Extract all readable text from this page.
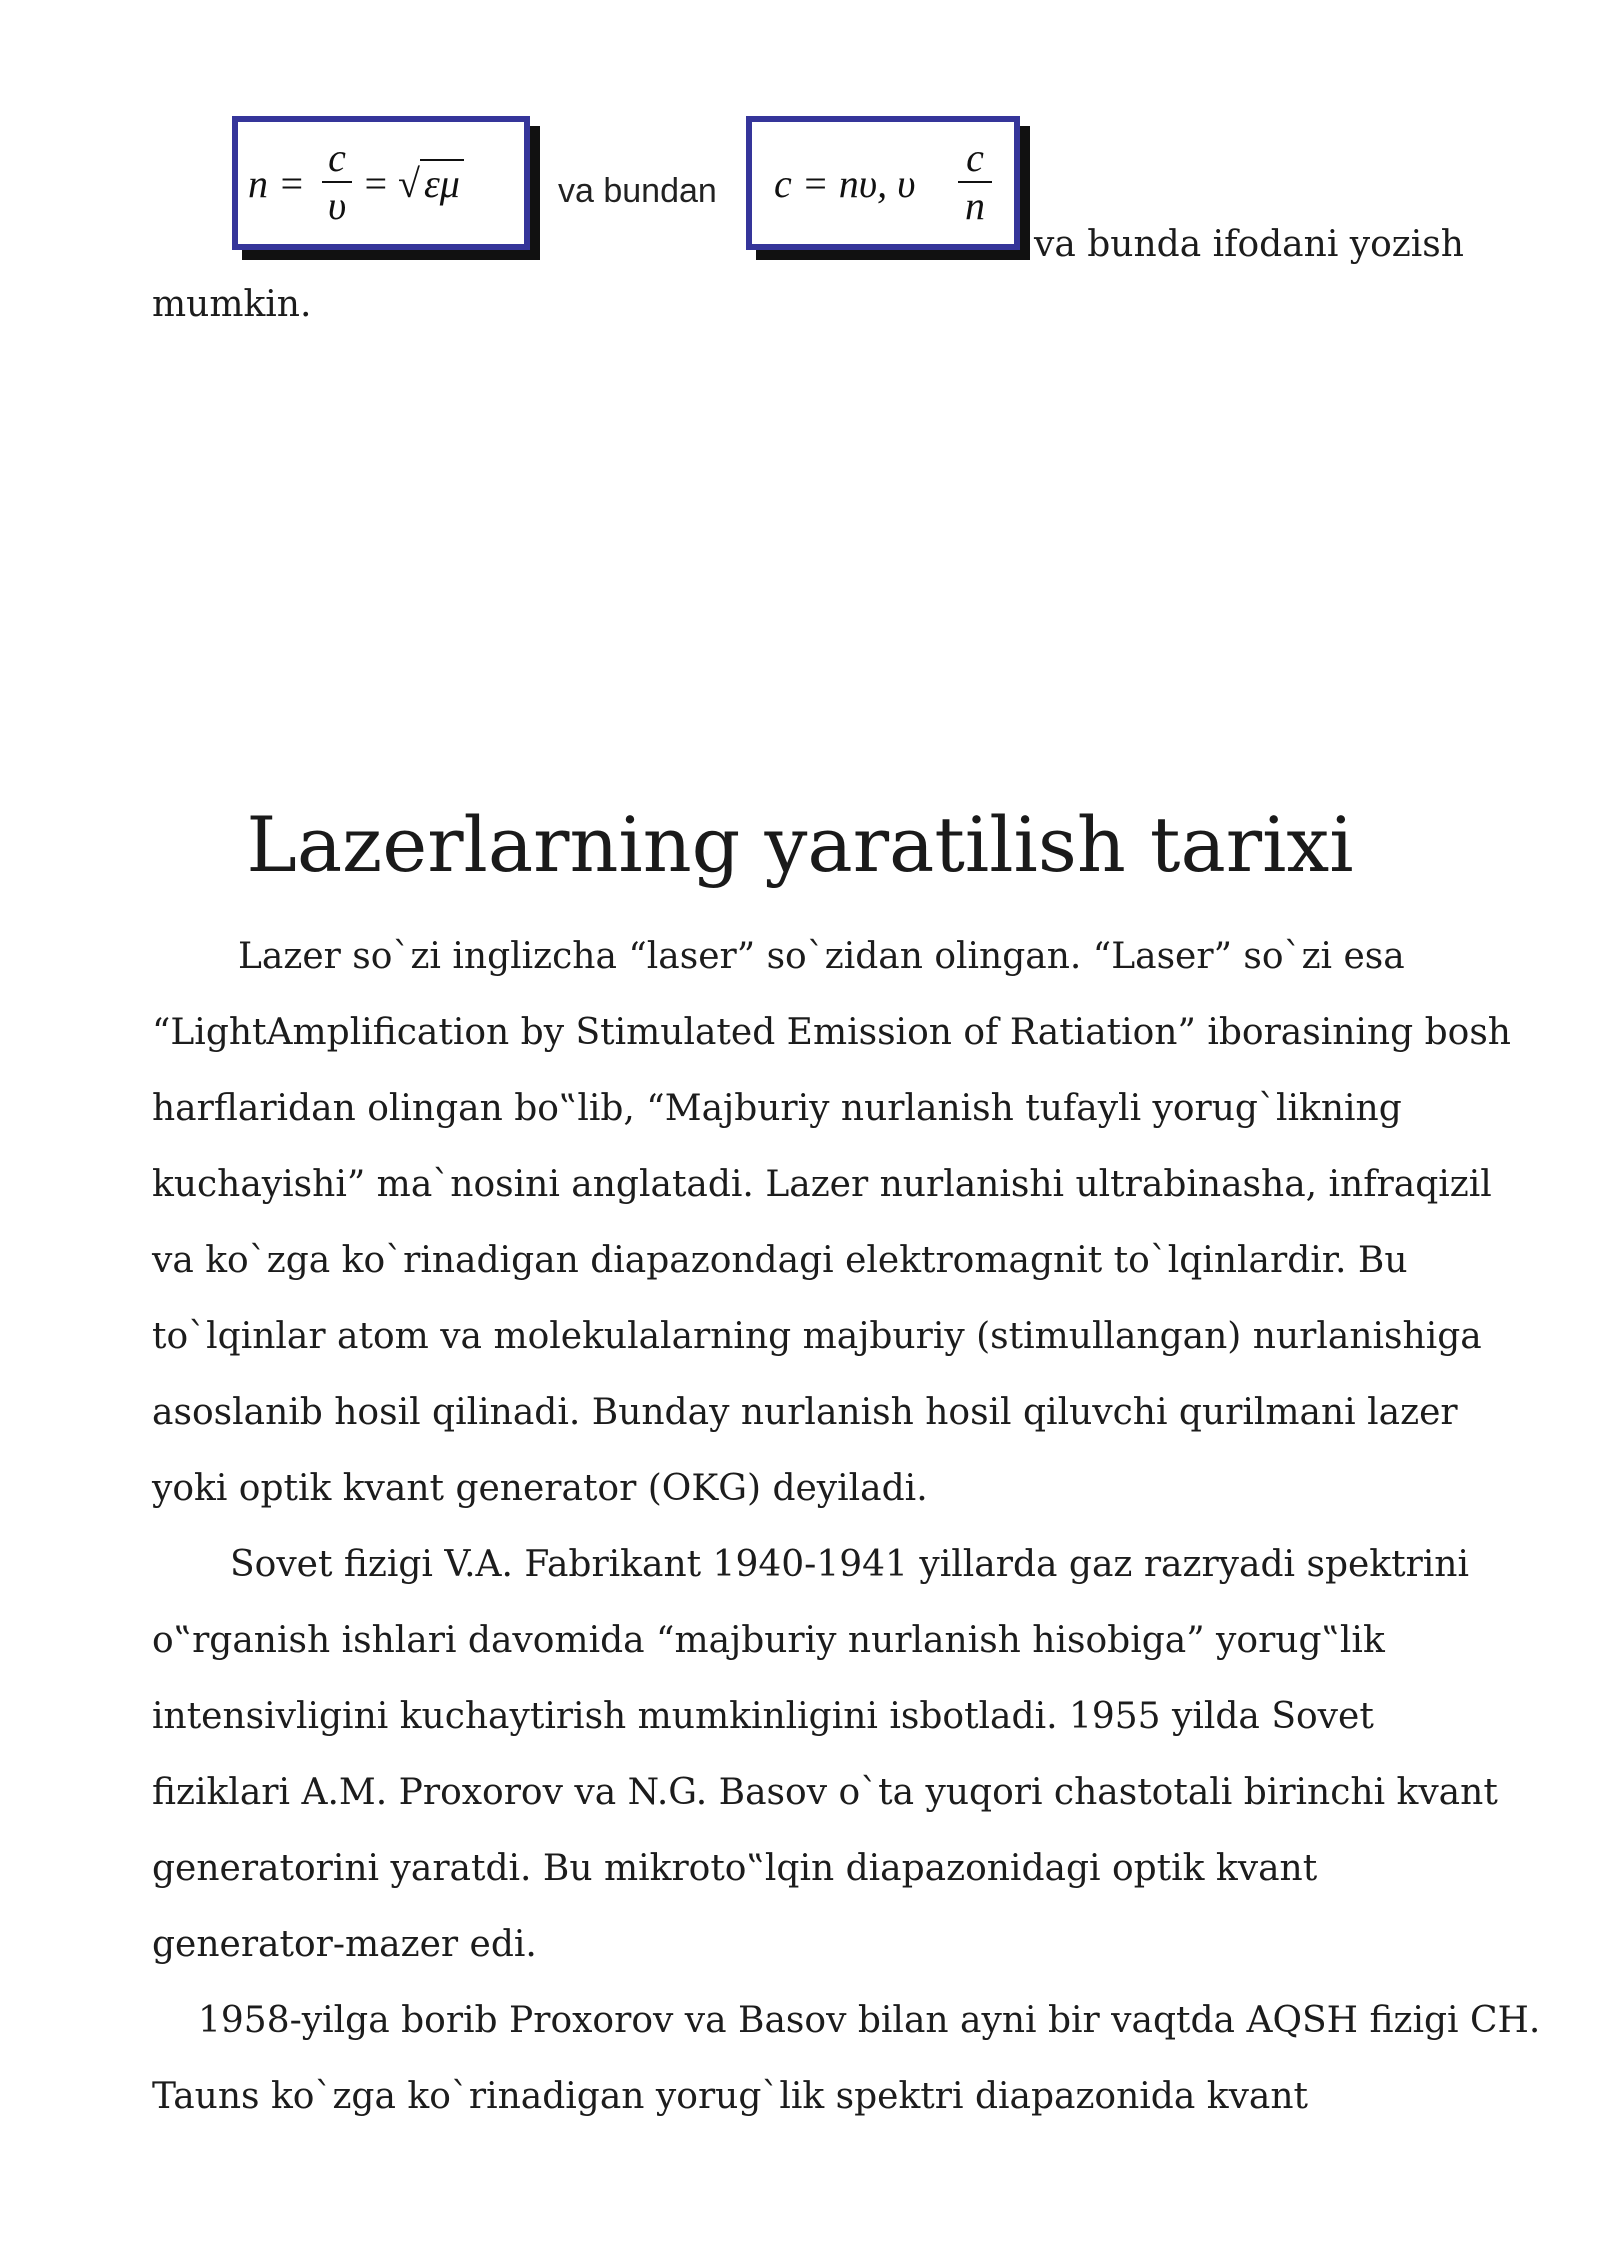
n =
c
υ = √ εμ	va bundan c = nυ, υ
c
n
va bunda ifodani yozish
mumkin.
Lazerlarning yaratilish tarixi
Lazer so`zi inglizcha “laser” so`zidan olingan. “Laser” so`zi esa
“LightAmplification by Stimulated Emission of Ratiation” iborasining bosh
harflaridan olingan bo‟lib, “Majburiy nurlanish tufayli yorug`likning
kuchayishi” ma`nosini anglatadi. Lazer nurlanishi ultrabinasha, infraqizil
va ko`zga ko`rinadigan diapazondagi elektromagnit to`lqinlardir. Bu
to`lqinlar atom va molekulalarning majburiy (stimullangan) nurlanishiga
asoslanib hosil qilinadi. Bunday nurlanish hosil qiluvchi qurilmani lazer
yoki optik kvant generator (OKG) deyiladi.
Sovet fizigi V.A. Fabrikant 1940-1941 yillarda gaz razryadi spektrini
o‟rganish ishlari davomida “majburiy nurlanish hisobiga” yorug‟lik
intensivligini kuchaytirish mumkinligini isbotladi. 1955 yilda Sovet
fiziklari A.M. Proxorov va N.G. Basov o`ta yuqori chastotali birinchi kvant
generatorini yaratdi. Bu mikroto‟lqin diapazonidagi optik kvant
generator-mazer edi.
1958-yilga borib Proxorov va Basov bilan ayni bir vaqtda AQSH fizigi CH.
Tauns ko`zga ko`rinadigan yorug`lik spektri diapazonida kvant
